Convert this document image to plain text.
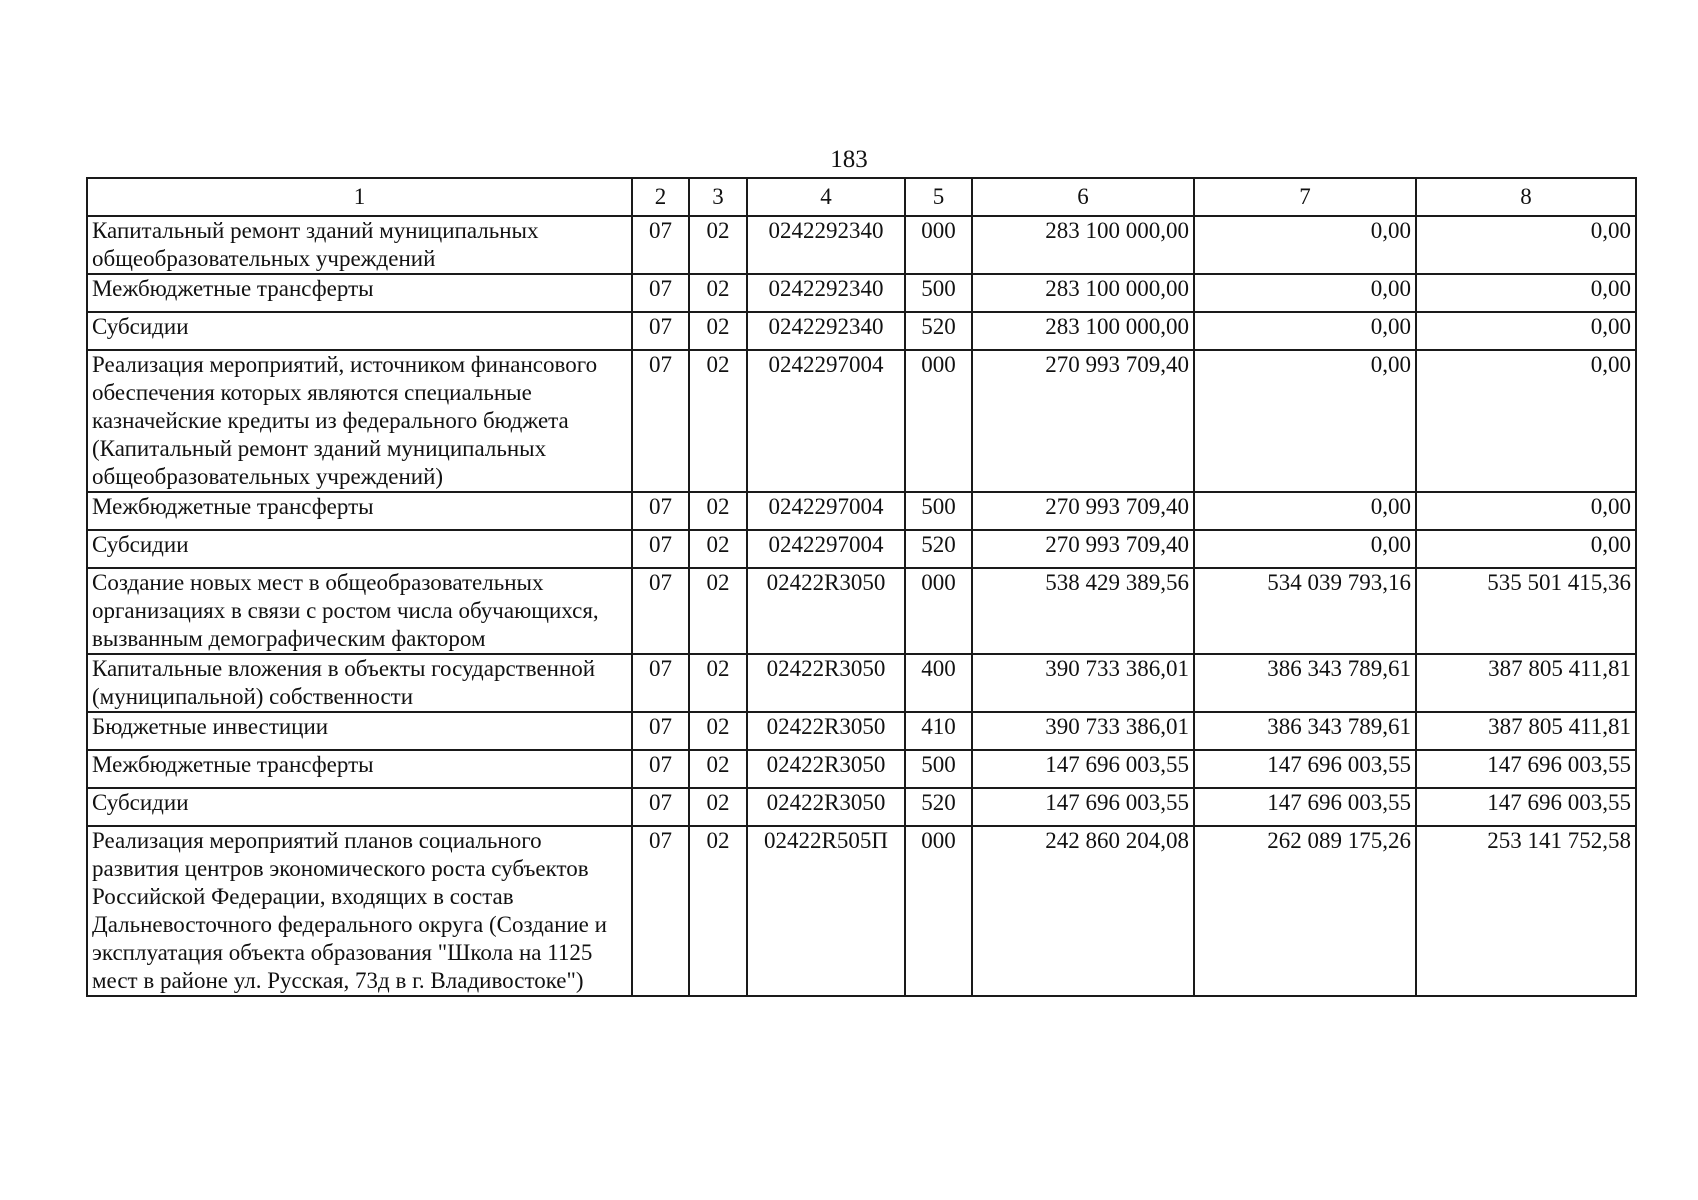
183
1	2	3	4	5	6	7	8
Капитальный ремонт зданий муниципальных общеобразовательных учреждений	07	02	0242292340	000	283 100 000,00	0,00	0,00
Межбюджетные трансферты	07	02	0242292340	500	283 100 000,00	0,00	0,00
Субсидии	07	02	0242292340	520	283 100 000,00	0,00	0,00
Реализация мероприятий, источником финансового обеспечения которых являются специальные казначейские кредиты из федерального бюджета (Капитальный ремонт зданий муниципальных общеобразовательных учреждений)	07	02	0242297004	000	270 993 709,40	0,00	0,00
Межбюджетные трансферты	07	02	0242297004	500	270 993 709,40	0,00	0,00
Субсидии	07	02	0242297004	520	270 993 709,40	0,00	0,00
Создание новых мест в общеобразовательных организациях в связи с ростом числа обучающихся, вызванным демографическим фактором	07	02	02422R3050	000	538 429 389,56	534 039 793,16	535 501 415,36
Капитальные вложения в объекты государственной (муниципальной) собственности	07	02	02422R3050	400	390 733 386,01	386 343 789,61	387 805 411,81
Бюджетные инвестиции	07	02	02422R3050	410	390 733 386,01	386 343 789,61	387 805 411,81
Межбюджетные трансферты	07	02	02422R3050	500	147 696 003,55	147 696 003,55	147 696 003,55
Субсидии	07	02	02422R3050	520	147 696 003,55	147 696 003,55	147 696 003,55
Реализация мероприятий планов социального развития центров экономического роста субъектов Российской Федерации, входящих в состав Дальневосточного федерального округа (Создание и эксплуатация объекта образования "Школа на 1125 мест в районе ул. Русская, 73д в г. Владивостоке")	07	02	02422R505П	000	242 860 204,08	262 089 175,26	253 141 752,58
